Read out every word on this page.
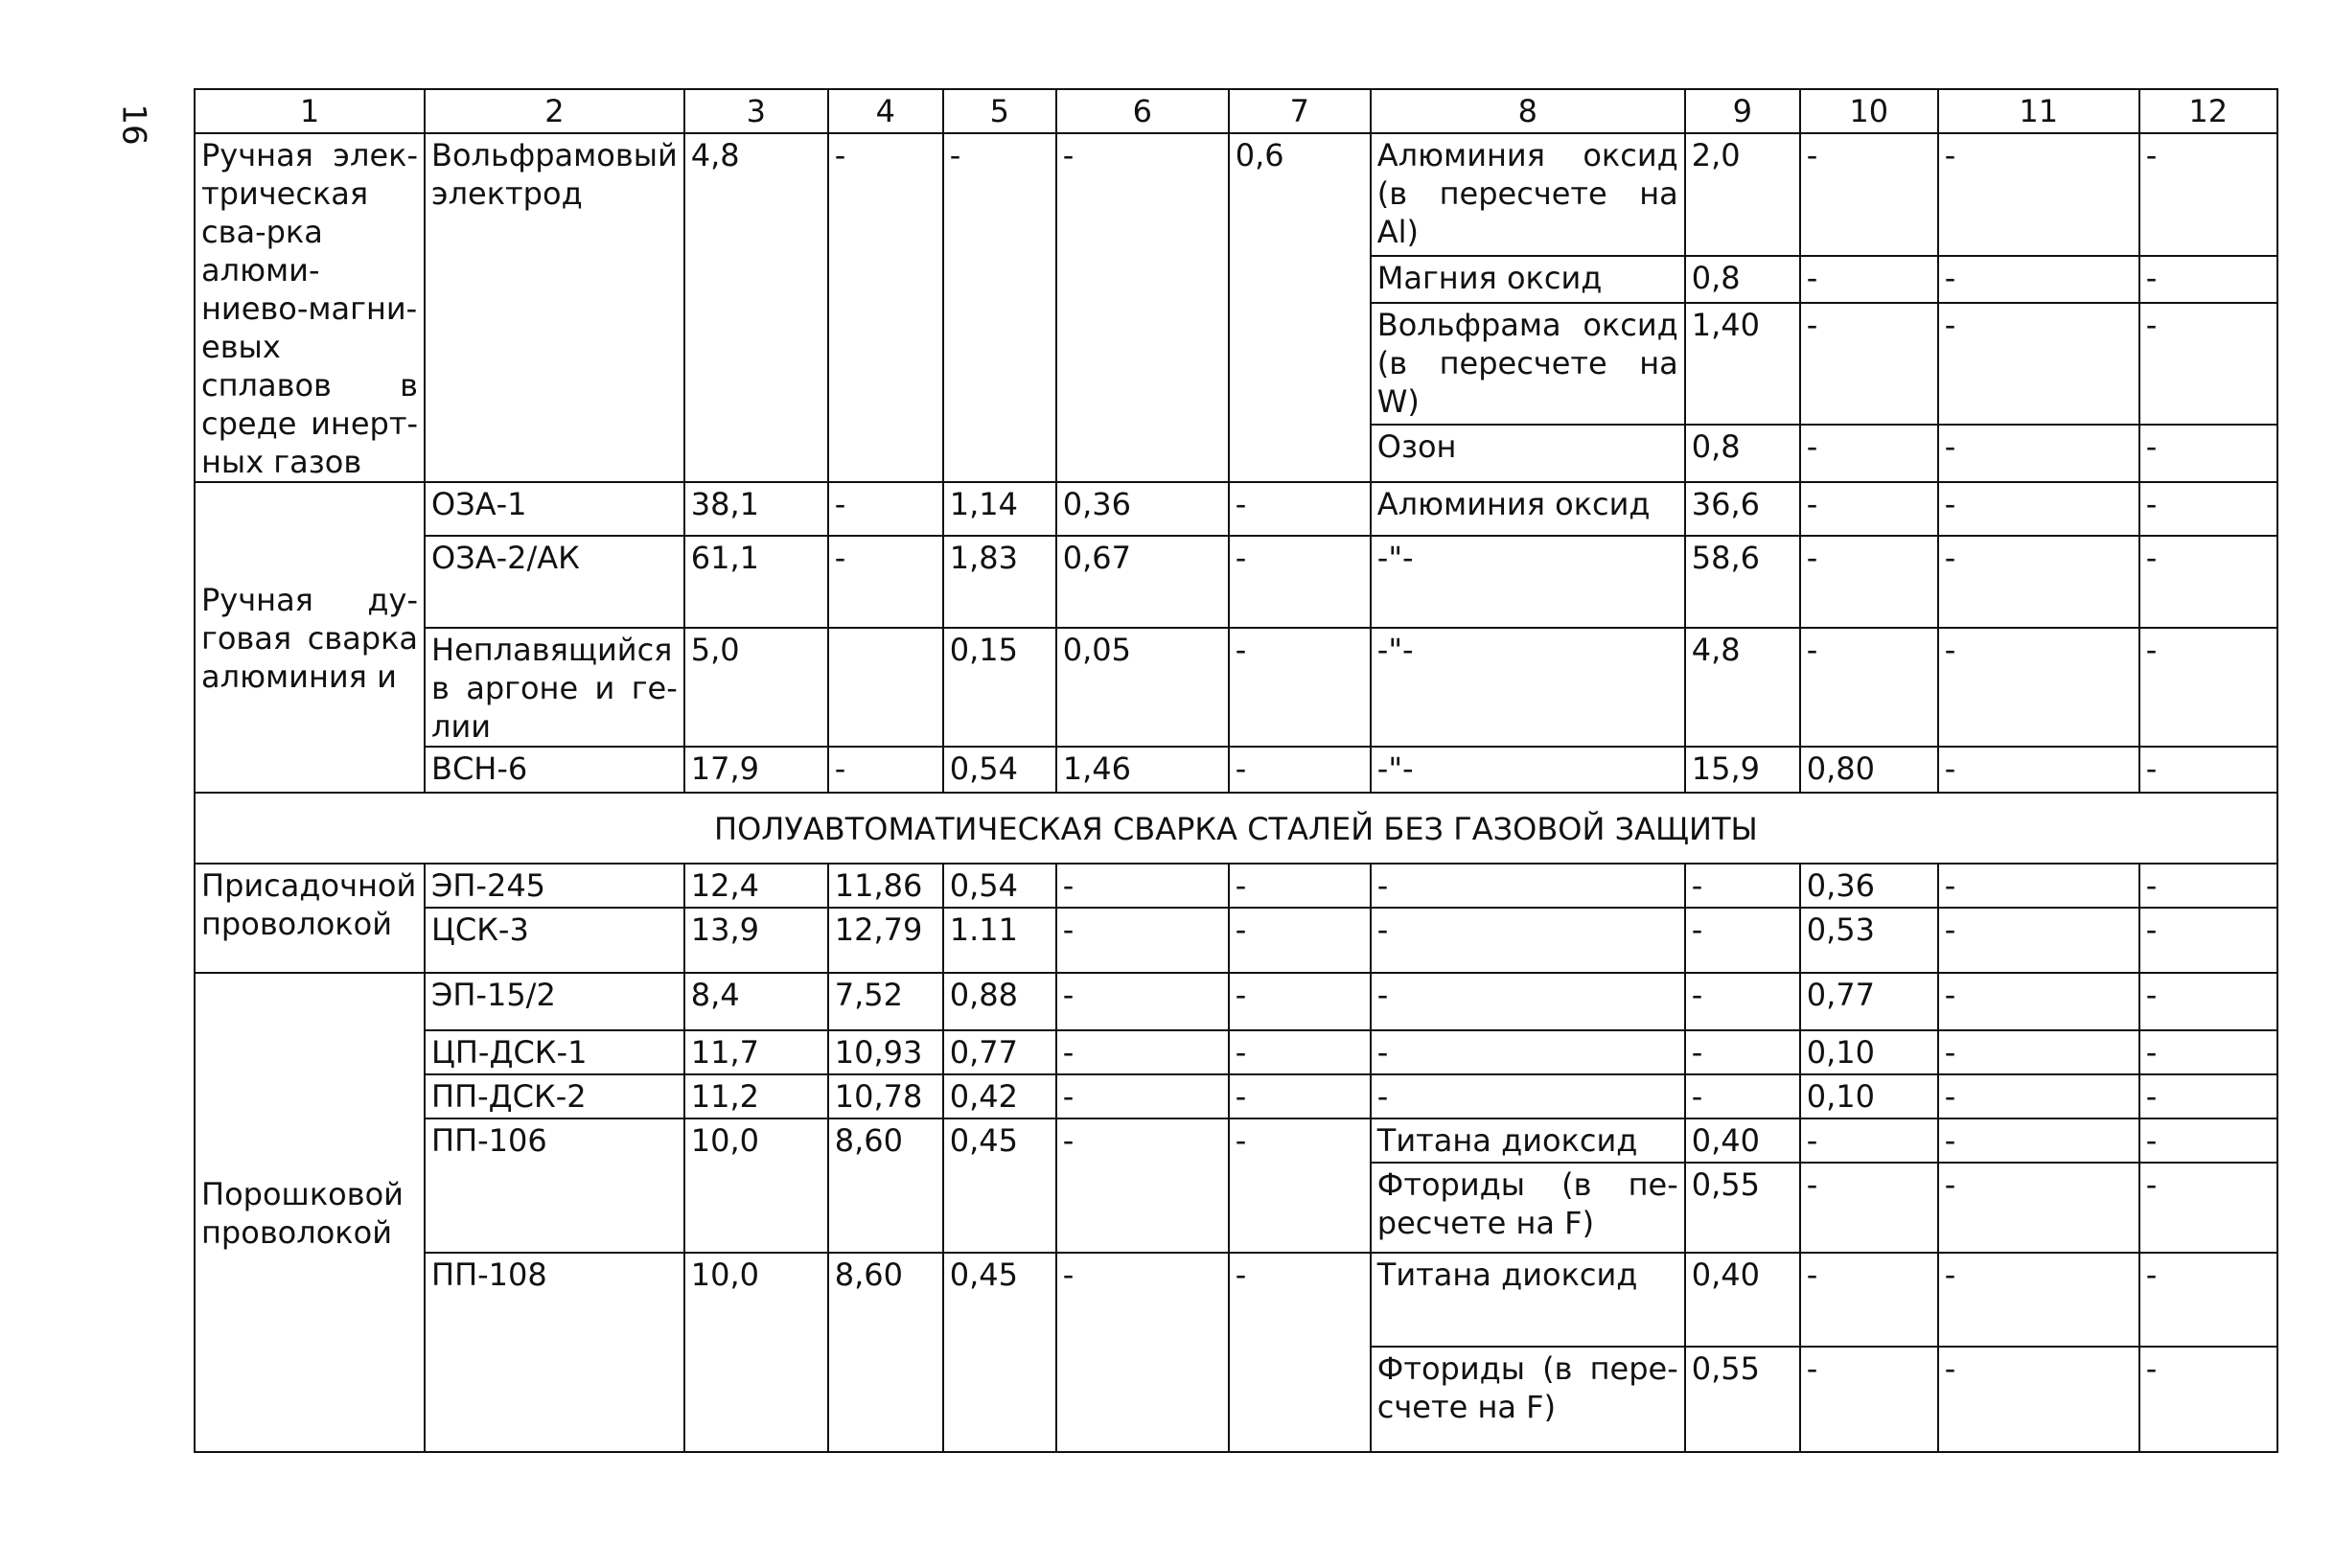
16	1	2	3	4	5	6	7	8	9	10	11	12
Ручная элек-трическая сва-рка алюми-ниево-магни-евых сплавов в среде инерт-ных газов	Вольфрамовый электрод	4,8	-	-	-	0,6	Алюминия оксид (в пересчете на Al)	2,0	-	-	-
							Магния оксид	0,8	-	-	-
							Вольфрама оксид (в пересчете на W)	1,40	-	-	-
							Озон	0,8	-	-	-
Ручная ду-говая сварка алюминия и	ОЗА-1	38,1	-	1,14	0,36	-	Алюминия оксид	36,6	-	-	-
	ОЗА-2/АК	61,1	-	1,83	0,67	-	-"-	58,6	-	-	-
	Неплавящийся в аргоне и ге-лии	5,0		0,15	0,05	-	-"-	4,8	-	-	-
	ВСН-6	17,9	-	0,54	1,46	-	-"-	15,9	0,80	-	-
ПОЛУАВТОМАТИЧЕСКАЯ СВАРКА СТАЛЕЙ БЕЗ ГАЗОВОЙ ЗАЩИТЫ											
Присадочной проволокой	ЭП-245	12,4	11,86	0,54	-	-	-	-	0,36	-	-
	ЦСК-3	13,9	12,79	1.11	-	-	-	-	0,53	-	-
Порошковой проволокой	ЭП-15/2	8,4	7,52	0,88	-	-	-	-	0,77	-	-
	ЦП-ДСК-1	11,7	10,93	0,77	-	-	-	-	0,10	-	-
	ПП-ДСК-2	11,2	10,78	0,42	-	-	-	-	0,10	-	-
	ПП-106	10,0	8,60	0,45	-	-	Титана диоксид	0,40	-	-	-
							Фториды (в пе-ресчете на F)	0,55	-	-	-
	ПП-108	10,0	8,60	0,45	-	-	Титана диоксид	0,40	-	-	-
							Фториды (в пере-счете на F)	0,55	-	-	-
